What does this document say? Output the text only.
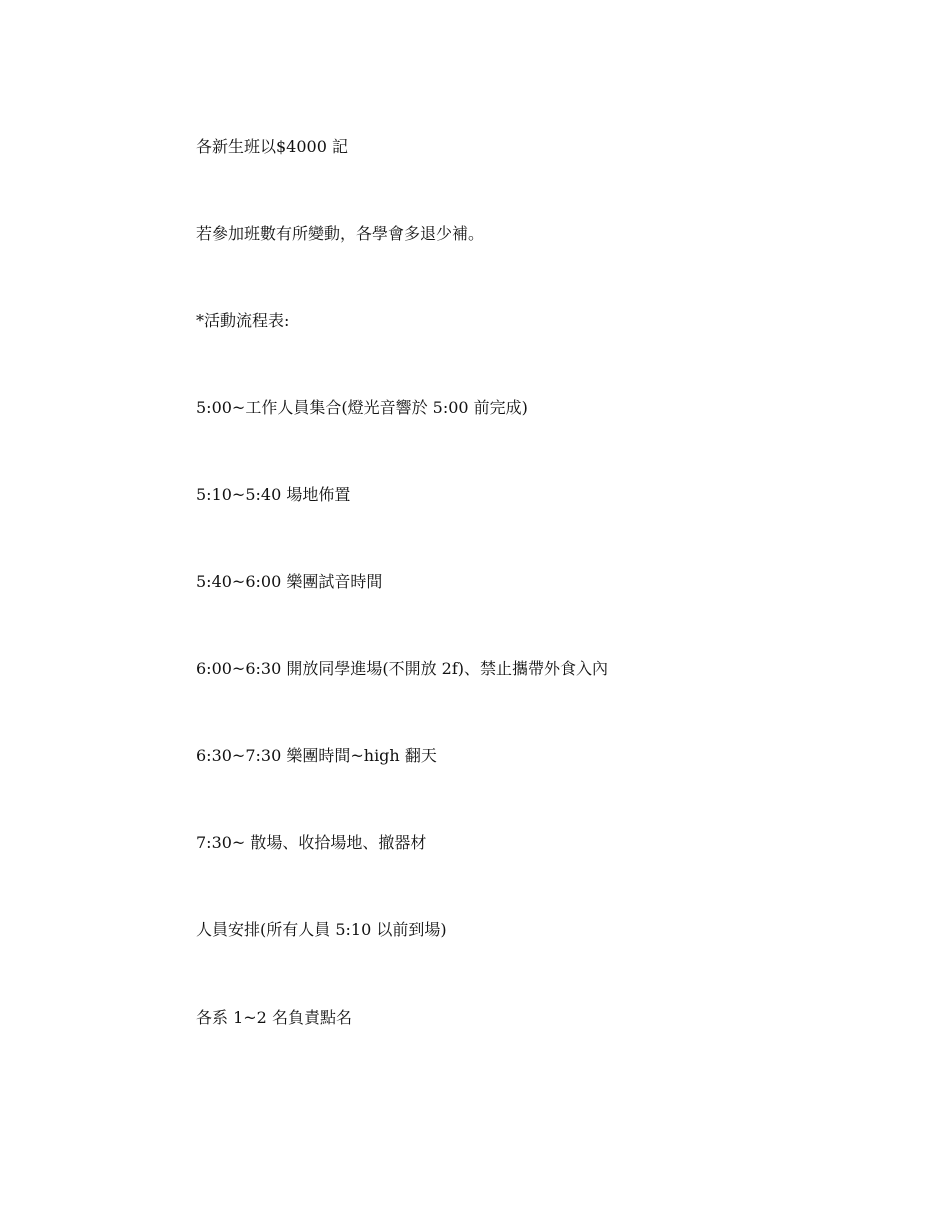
各新生班以$4000 記

若參加班數有所變動，各學會多退少補。

*活動流程表:

5:00~工作人員集合(燈光音響於 5:00 前完成)

5:10~5:40 場地佈置

5:40~6:00 樂團試音時間

6:00~6:30 開放同學進場(不開放 2f)、禁止攜帶外食入內

6:30~7:30 樂團時間~high 翻天

7:30~ 散場、收拾場地、撤器材

人員安排(所有人員 5:10 以前到場)

各系 1~2 名負責點名
